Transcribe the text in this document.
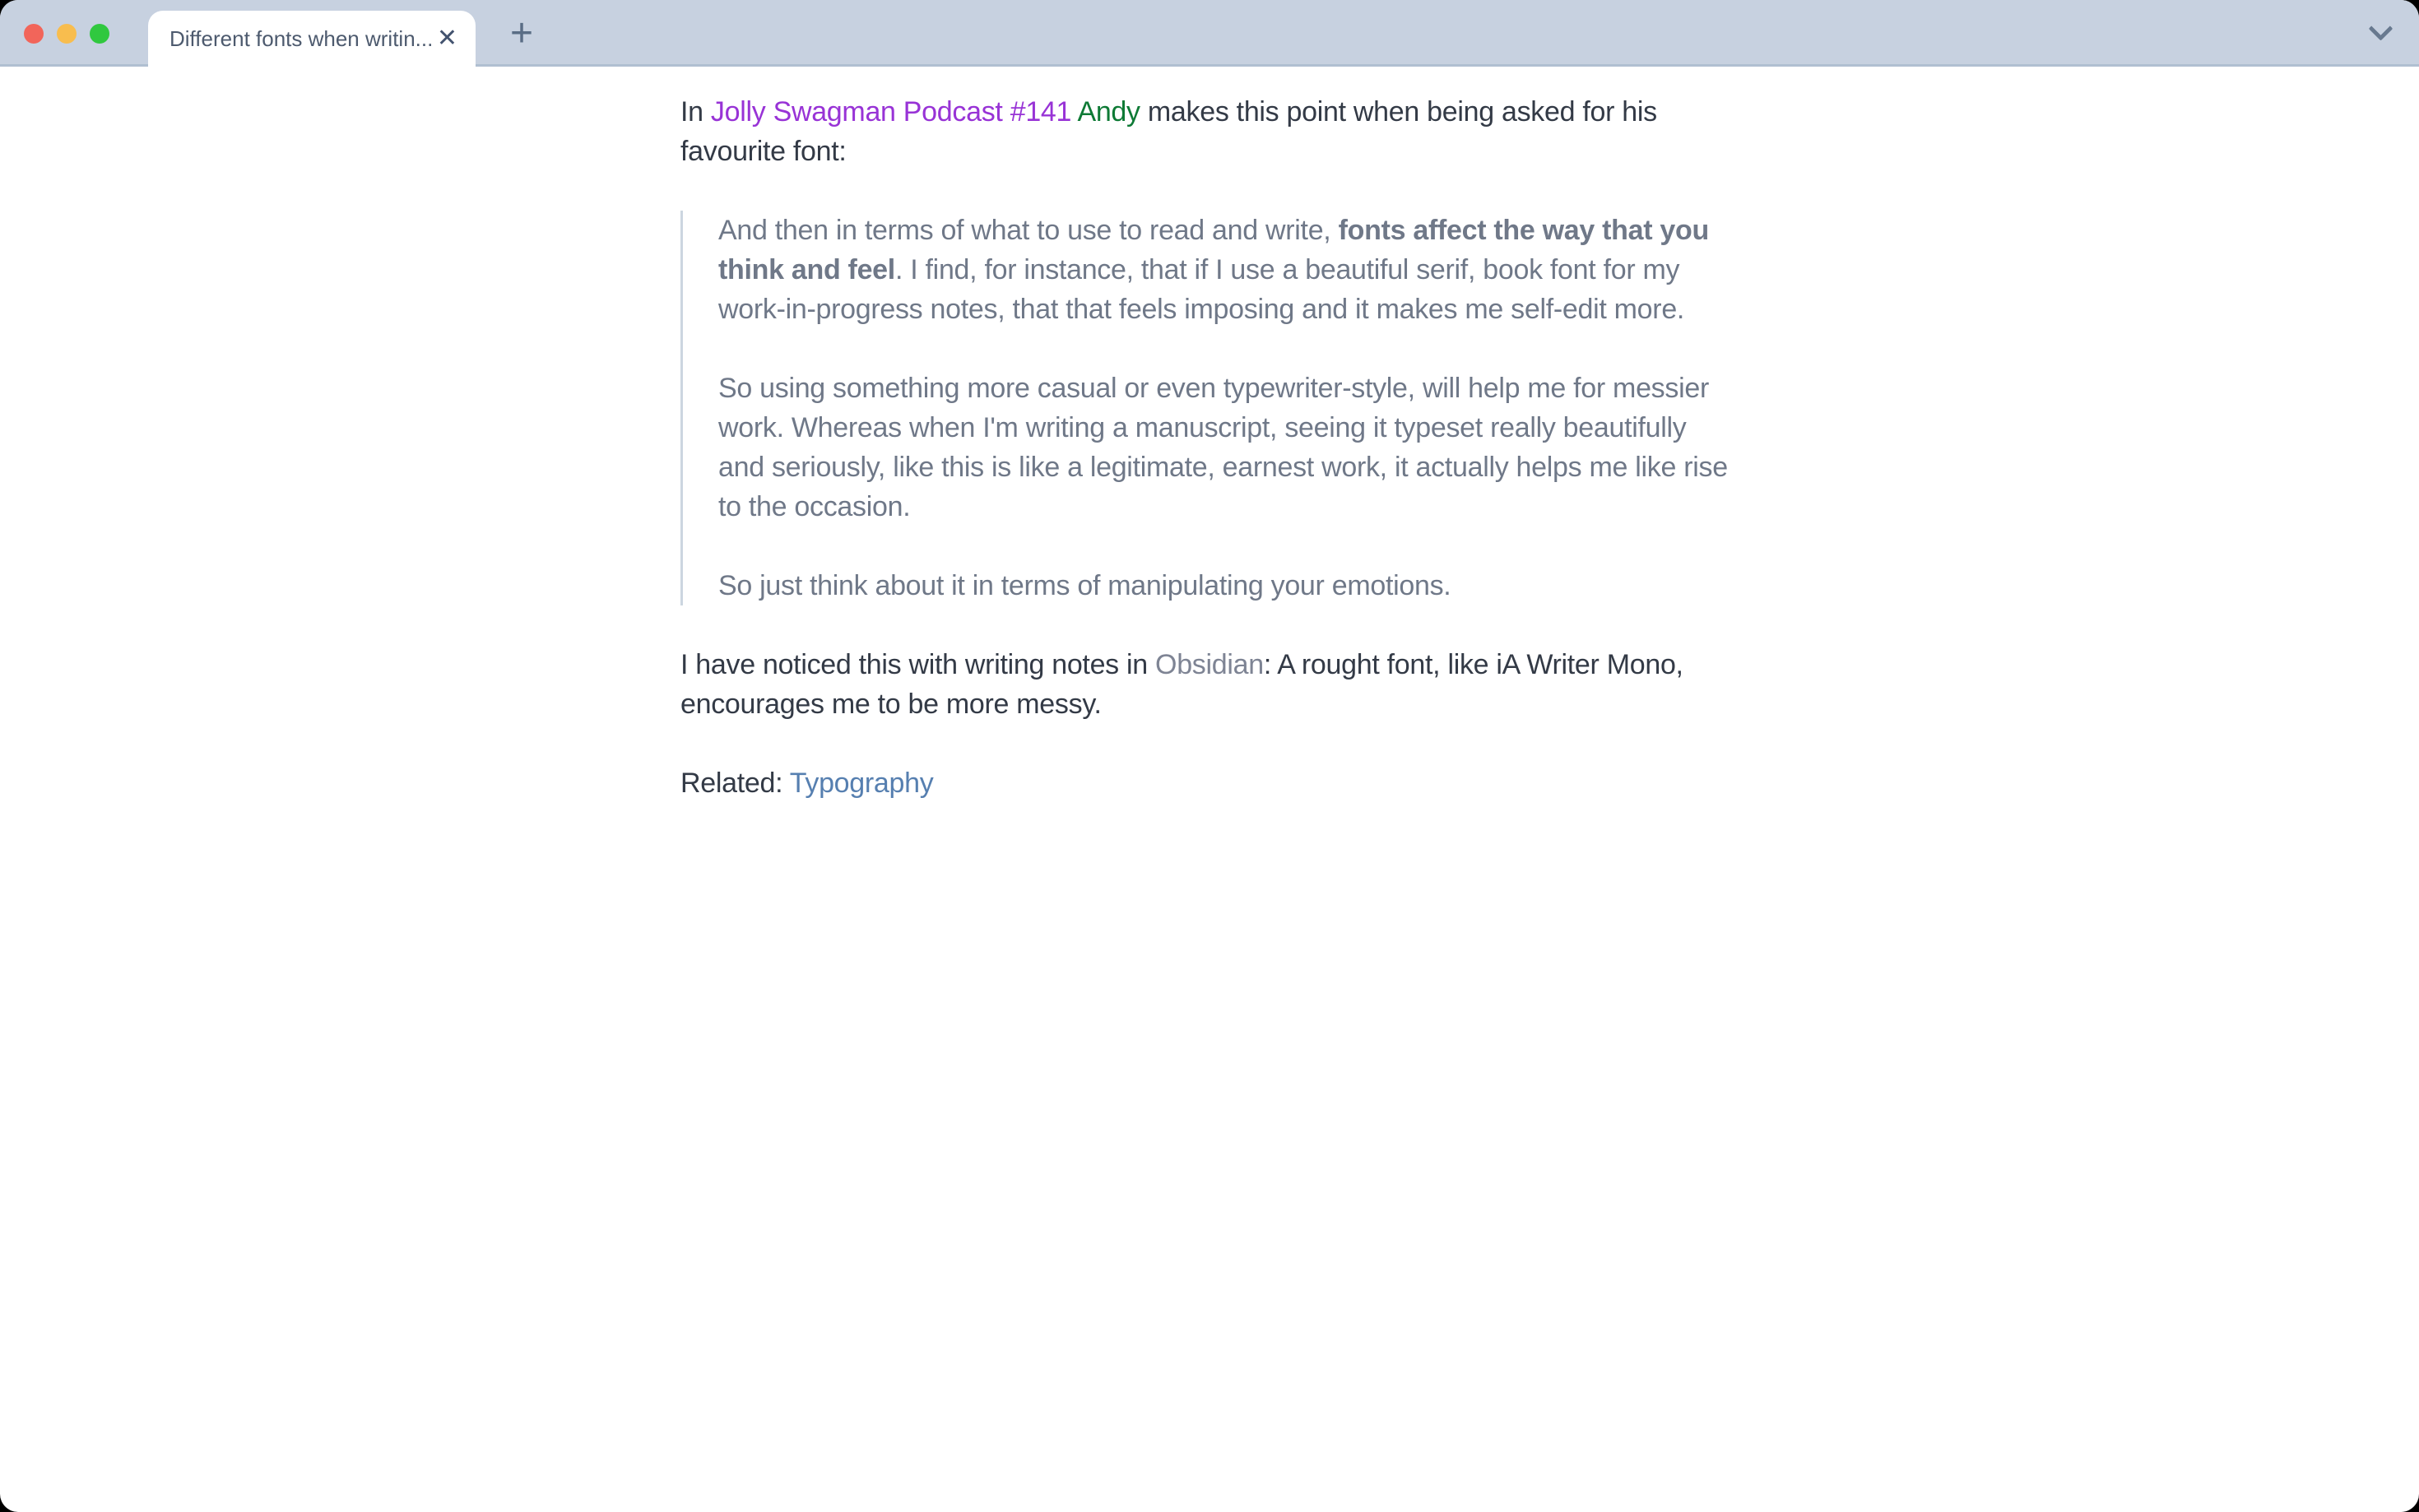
Different fonts when writin... ✕ +

In Jolly Swagman Podcast #141 Andy makes this point when being asked for his favourite font:

And then in terms of what to use to read and write, fonts affect the way that you think and feel. I find, for instance, that if I use a beautiful serif, book font for my work-in-progress notes, that that feels imposing and it makes me self-edit more.

So using something more casual or even typewriter-style, will help me for messier work. Whereas when I'm writing a manuscript, seeing it typeset really beautifully and seriously, like this is like a legitimate, earnest work, it actually helps me like rise to the occasion.

So just think about it in terms of manipulating your emotions.

I have noticed this with writing notes in Obsidian: A rought font, like iA Writer Mono, encourages me to be more messy.

Related: Typography
